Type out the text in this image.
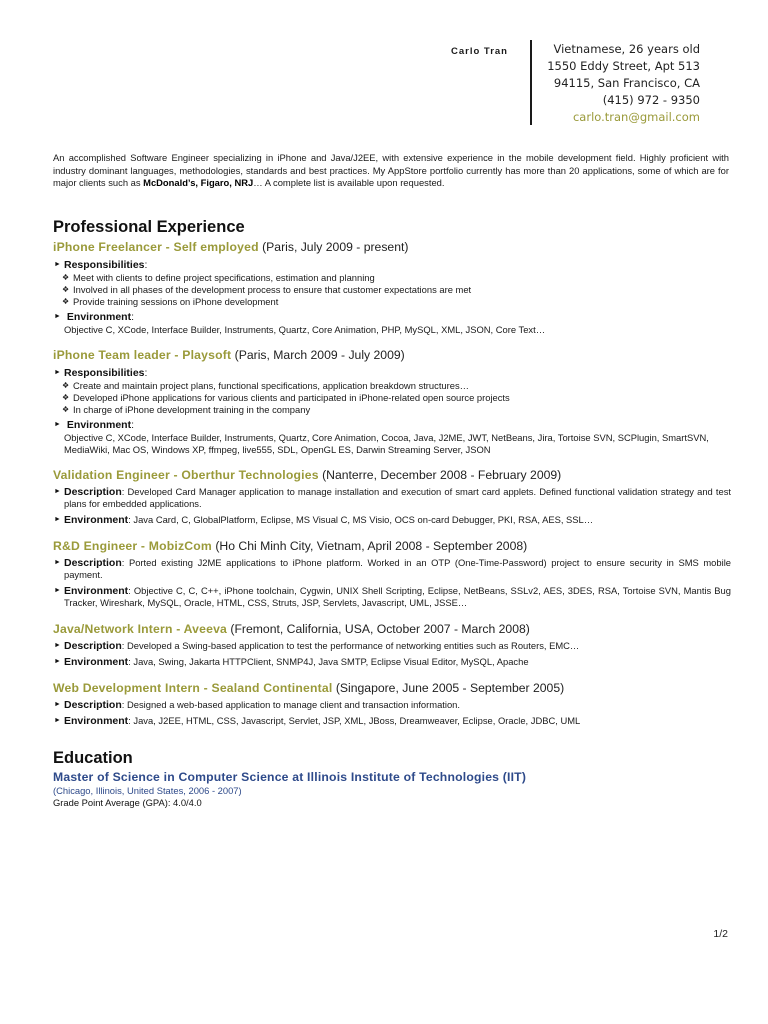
Carlo Tran	Vietnamese, 26 years old
1550 Eddy Street, Apt 513
94115, San Francisco, CA
(415) 972 - 9350
carlo.tran@gmail.com
An accomplished Software Engineer specializing in iPhone and Java/J2EE, with extensive experience in the mobile development field. Highly proficient with industry dominant languages, methodologies, standards and best practices. My AppStore portfolio currently has more than 20 applications, some of which are for major clients such as McDonald’s, Figaro, NRJ… A complete list is available upon requested.
Professional Experience
iPhone Freelancer - Self employed (Paris, July 2009 - present)
► Responsibilities:
❖ Meet with clients to define project specifications, estimation and planning
❖ Involved in all phases of the development process to ensure that customer expectations are met
❖ Provide training sessions on iPhone development
► Environment:
Objective C, XCode, Interface Builder, Instruments, Quartz, Core Animation, PHP, MySQL, XML, JSON, Core Text…
iPhone Team leader - Playsoft (Paris, March 2009 - July 2009)
► Responsibilities:
❖ Create and maintain project plans, functional specifications, application breakdown structures…
❖ Developed iPhone applications for various clients and participated in iPhone-related open source projects
❖ In charge of iPhone development training in the company
► Environment:
Objective C, XCode, Interface Builder, Instruments, Quartz, Core Animation, Cocoa, Java, J2ME, JWT, NetBeans, Jira, Tortoise SVN, SCPlugin, SmartSVN, MediaWiki, Mac OS, Windows XP, ffmpeg, live555, SDL, OpenGL ES, Darwin Streaming Server, JSON
Validation Engineer - Oberthur Technologies (Nanterre, December 2008 - February 2009)
► Description: Developed Card Manager application to manage installation and execution of smart card applets. Defined functional validation strategy and test plans for embedded applications.
► Environment: Java Card, C, GlobalPlatform, Eclipse, MS Visual C, MS Visio, OCS on-card Debugger, PKI, RSA, AES, SSL…
R&D Engineer - MobizCom (Ho Chi Minh City, Vietnam, April 2008 - September 2008)
► Description: Ported existing J2ME applications to iPhone platform. Worked in an OTP (One-Time-Password) project to ensure security in SMS mobile payment.
► Environment: Objective C, C, C++, iPhone toolchain, Cygwin, UNIX Shell Scripting, Eclipse, NetBeans, SSLv2, AES, 3DES, RSA, Tortoise SVN, Mantis Bug Tracker, Wireshark, MySQL, Oracle, HTML, CSS, Struts, JSP, Servlets, Javascript, UML, JSSE…
Java/Network Intern - Aveeva (Fremont, California, USA, October 2007 - March 2008)
► Description: Developed a Swing-based application to test the performance of networking entities such as Routers, EMC…
► Environment: Java, Swing, Jakarta HTTPClient, SNMP4J, Java SMTP, Eclipse Visual Editor, MySQL, Apache
Web Development Intern - Sealand Continental (Singapore, June 2005 - September 2005)
► Description: Designed a web-based application to manage client and transaction information.
► Environment: Java, J2EE, HTML, CSS, Javascript, Servlet, JSP, XML, JBoss, Dreamweaver, Eclipse, Oracle, JDBC, UML
Education
Master of Science in Computer Science at Illinois Institute of Technologies (IIT)
(Chicago, Illinois, United States, 2006 - 2007)
Grade Point Average (GPA): 4.0/4.0
1/2
